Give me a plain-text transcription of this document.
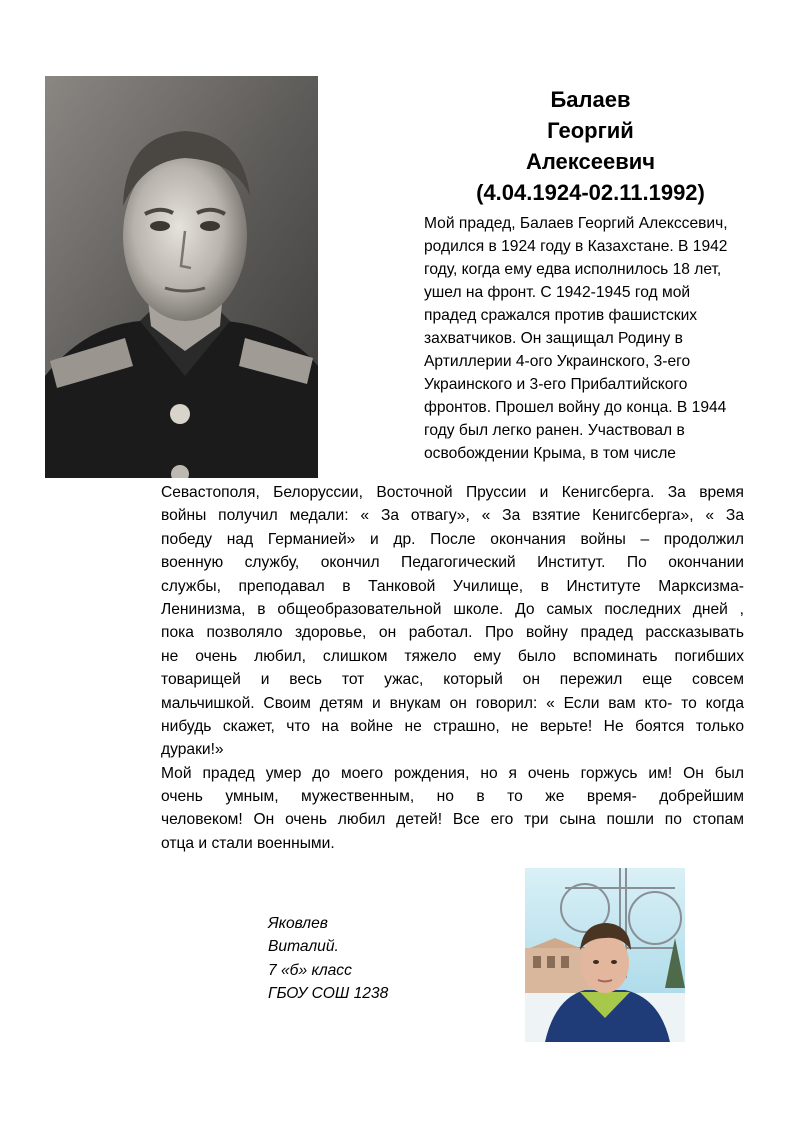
Балаев
Георгий
Алексеевич
(4.04.1924-02.11.1992)
Мой прадед, Балаев Георгий Алекссевич,
родился в 1924 году в Казахстане. В 1942
году, когда ему едва исполнилось 18 лет,
ушел на фронт. С 1942-1945 год мой
прадед сражался против фашистских
захватчиков. Он защищал Родину в
Артиллерии 4-ого Украинского, 3-его
Украинского и 3-его Прибалтийского
фронтов. Прошел войну до конца. В 1944
году был легко ранен. Участвовал в
освобождении Крыма, в том числе
Севастополя, Белоруссии, Восточной Пруссии и Кенигсберга. За время
войны получил медали: « За отвагу», « За взятие Кенигсберга», « За
победу над Германией» и др. После окончания войны – продолжил
военную службу, окончил Педагогический Институт. По окончании
службы, преподавал в Танковой Училище, в Институте Марксизма-
Ленинизма, в общеобразовательной школе. До самых последних дней ,
пока позволяло здоровье, он работал. Про войну прадед рассказывать
не очень любил, слишком тяжело ему было вспоминать погибших
товарищей и весь тот ужас, который он пережил еще совсем
мальчишкой. Своим детям и внукам он говорил: « Если вам кто- то когда
нибудь скажет, что на войне не страшно, не верьте! Не боятся только
дураки!»
Мой прадед умер до моего рождения, но я очень горжусь им! Он был
очень умным, мужественным, но в то же время- добрейшим
человеком! Он очень любил детей! Все его три сына пошли по стопам
отца и стали военными.
Яковлев
Виталий.
7 «б» класс
ГБОУ СОШ 1238
